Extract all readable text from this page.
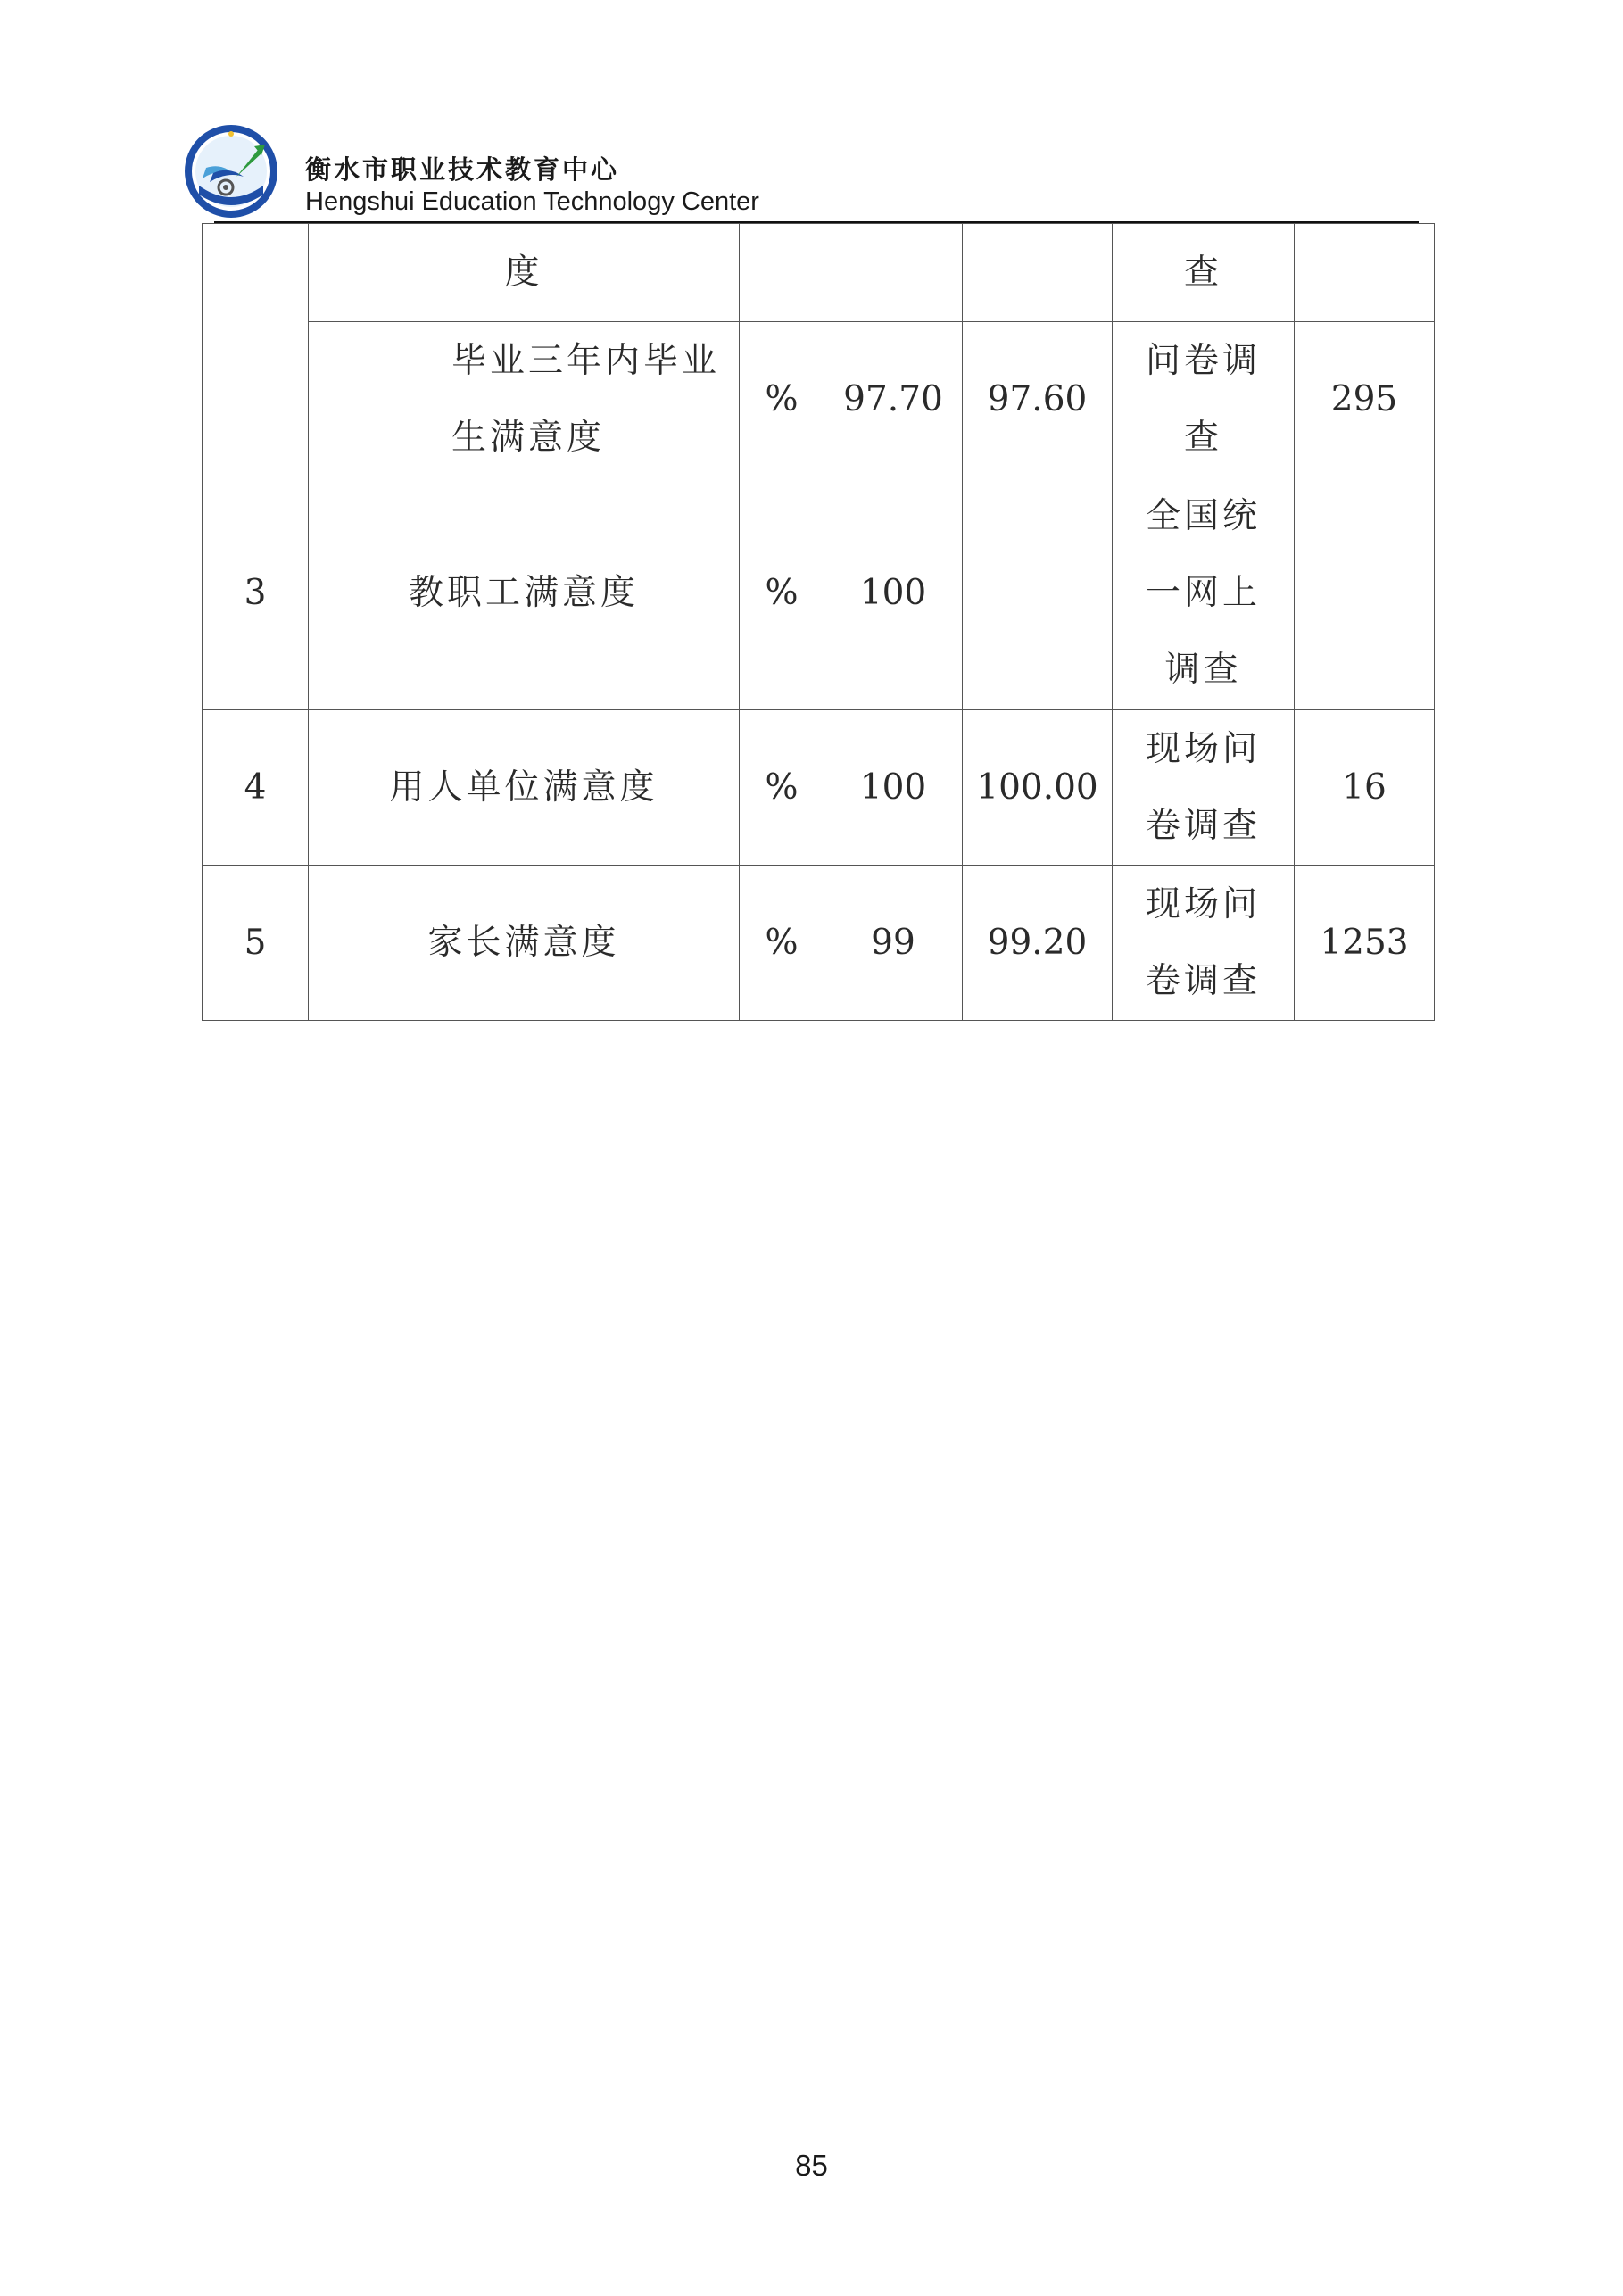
衡水市职业技术教育中心
Hengshui Education Technology Center
	度				查	
	毕业三年内毕业生满意度	%	97.70	97.60	问卷调查	295
3	教职工满意度	%	100		全国统一网上调查	
4	用人单位满意度	%	100	100.00	现场问卷调查	16
5	家长满意度	%	99	99.20	现场问卷调查	1253
85
